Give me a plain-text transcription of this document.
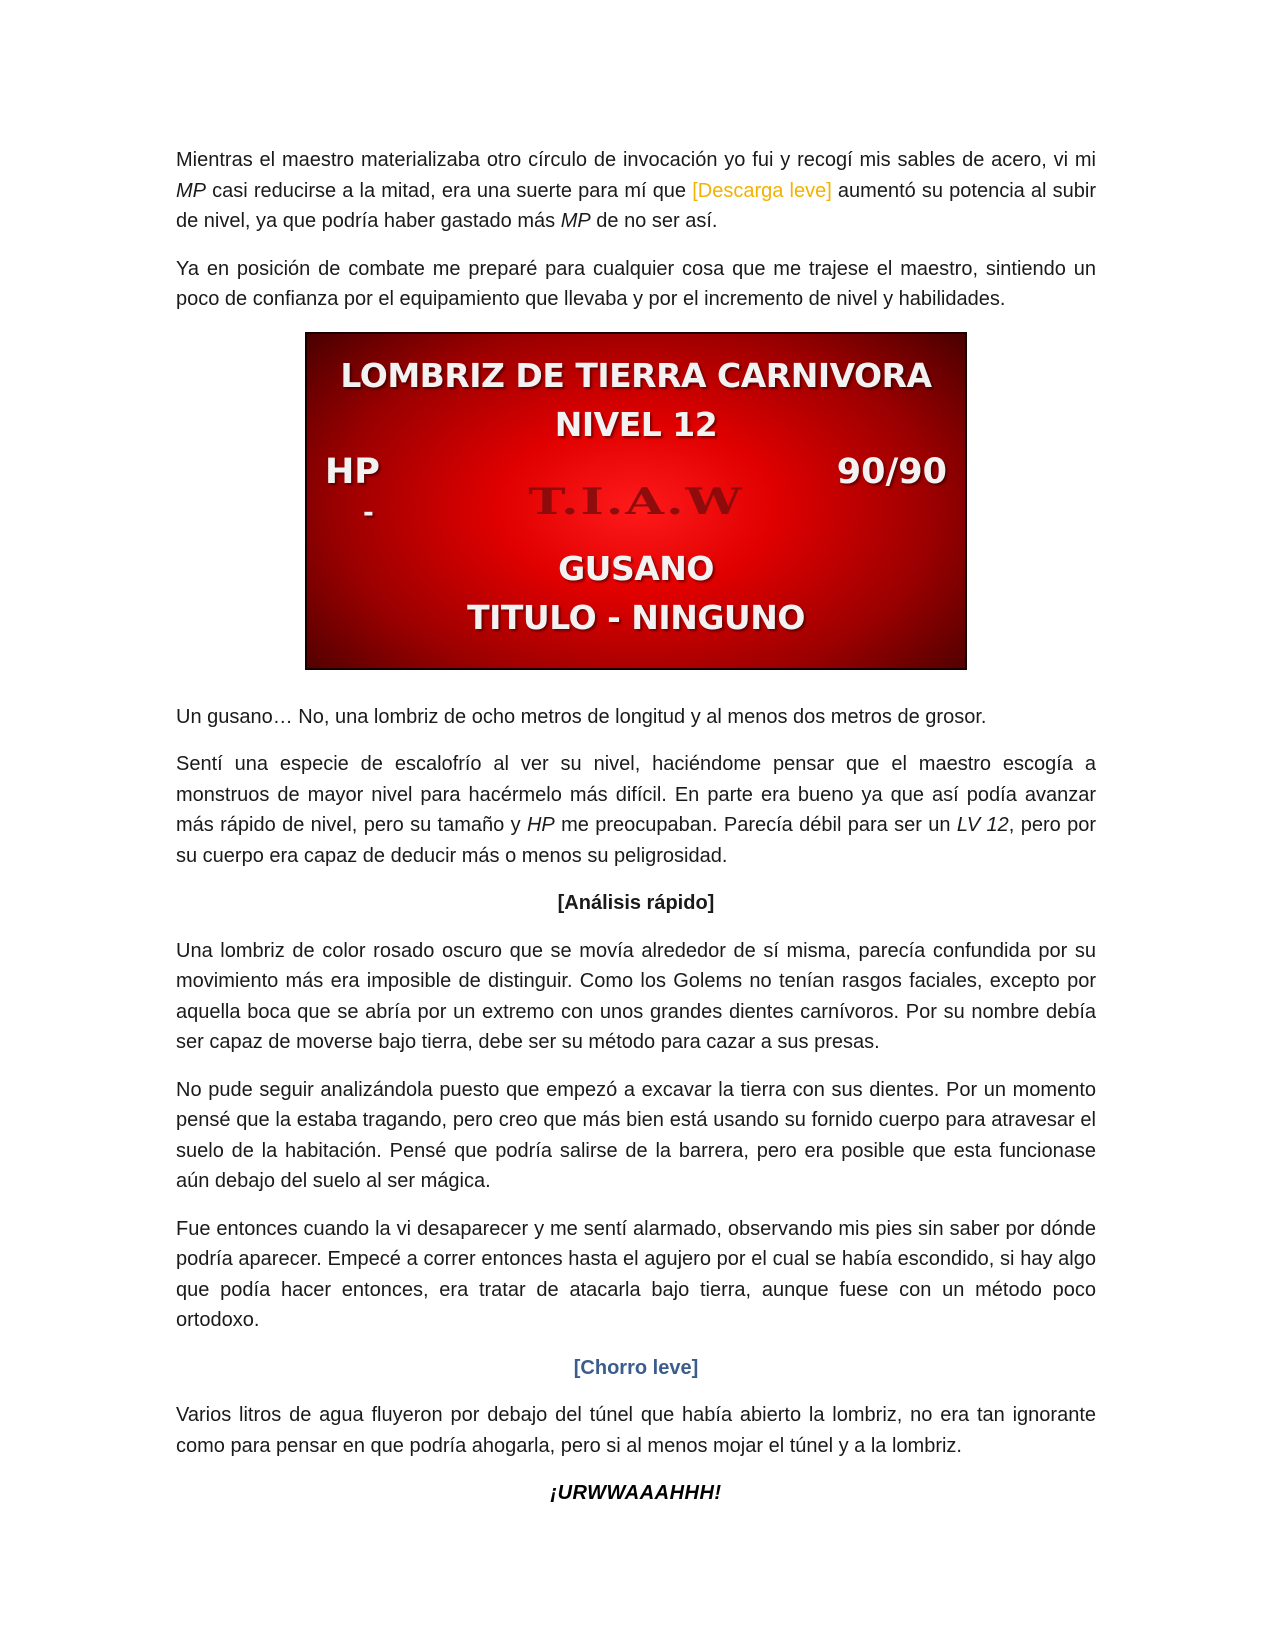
Mientras el maestro materializaba otro círculo de invocación yo fui y recogí mis sables de acero, vi mi MP casi reducirse a la mitad, era una suerte para mí que [Descarga leve] aumentó su potencia al subir de nivel, ya que podría haber gastado más MP de no ser así.

Ya en posición de combate me preparé para cualquier cosa que me trajese el maestro, sintiendo un poco de confianza por el equipamiento que llevaba y por el incremento de nivel y habilidades.

LOMBRIZ DE TIERRA CARNIVORA
NIVEL 12
HP	90/90
-	T.I.A.W
GUSANO
TITULO - NINGUNO

Un gusano… No, una lombriz de ocho metros de longitud y al menos dos metros de grosor.

Sentí una especie de escalofrío al ver su nivel, haciéndome pensar que el maestro escogía a monstruos de mayor nivel para hacérmelo más difícil. En parte era bueno ya que así podía avanzar más rápido de nivel, pero su tamaño y HP me preocupaban. Parecía débil para ser un LV 12, pero por su cuerpo era capaz de deducir más o menos su peligrosidad.

[Análisis rápido]

Una lombriz de color rosado oscuro que se movía alrededor de sí misma, parecía confundida por su movimiento más era imposible de distinguir. Como los Golems no tenían rasgos faciales, excepto por aquella boca que se abría por un extremo con unos grandes dientes carnívoros. Por su nombre debía ser capaz de moverse bajo tierra, debe ser su método para cazar a sus presas.

No pude seguir analizándola puesto que empezó a excavar la tierra con sus dientes. Por un momento pensé que la estaba tragando, pero creo que más bien está usando su fornido cuerpo para atravesar el suelo de la habitación. Pensé que podría salirse de la barrera, pero era posible que esta funcionase aún debajo del suelo al ser mágica.

Fue entonces cuando la vi desaparecer y me sentí alarmado, observando mis pies sin saber por dónde podría aparecer. Empecé a correr entonces hasta el agujero por el cual se había escondido, si hay algo que podía hacer entonces, era tratar de atacarla bajo tierra, aunque fuese con un método poco ortodoxo.

[Chorro leve]

Varios litros de agua fluyeron por debajo del túnel que había abierto la lombriz, no era tan ignorante como para pensar en que podría ahogarla, pero si al menos mojar el túnel y a la lombriz.

¡URWWAAAHHH!
